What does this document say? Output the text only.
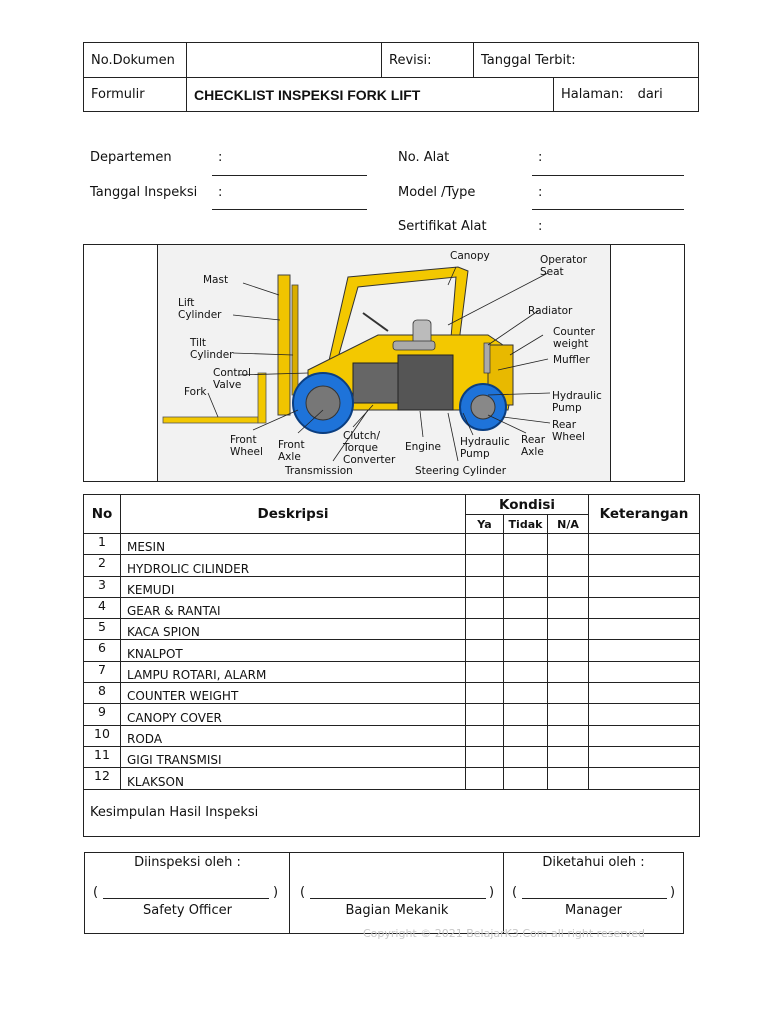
No.Dokumen	Revisi:	Tanggal Terbit:
Formulir	CHECKLIST INSPEKSI FORK LIFT	Halaman: dari
Departemen	:
Tanggal Inspeksi :
No. Alat	:
Model /Type	:
Sertifikat Alat	:
Canopy	Operator
Seat
Mast
Lift
Cylinder	Radiator
Counter
weight
Tilt
Cylinder	Muffler
Control
Valve
Fork	Hydraulic
Pump
Rear
Wheel
Front
Wheel
Front
Axle
Clutch/
Torque
Converter
Engine Hydraulic
Pump
Rear
Axle
Transmission	Steering Cylinder
No	Deskripsi	Kondisi			Keterangan
		Ya	Tidak	N/A	
1	MESIN				
2	HYDROLIC CILINDER				
3	KEMUDI				
4	GEAR & RANTAI				
5	KACA SPION				
6	KNALPOT				
7	LAMPU ROTARI, ALARM				
8	COUNTER WEIGHT				
9	CANOPY COVER				
10	RODA				
11	GIGI TRANSMISI				
12	KLAKSON				
Kesimpulan Hasil Inspeksi					
Diinspeksi oleh :
(	)
Safety Officer
(	)
Bagian Mekanik
Diketahui oleh :
(	)
Manager
Copyright © 2021 BelajarK3.Com all right reserved
